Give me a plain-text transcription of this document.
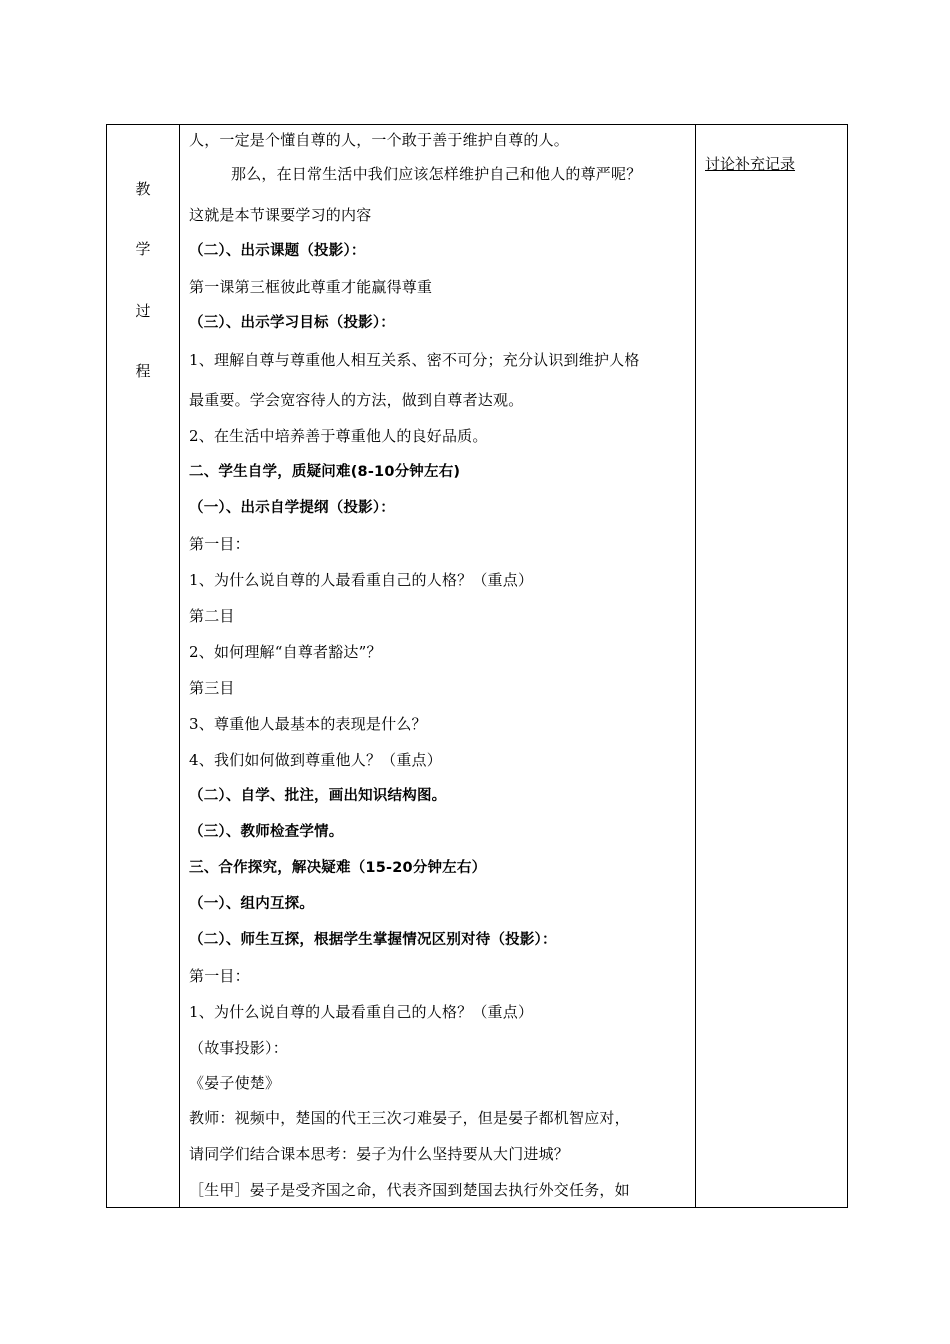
教
学
过
程
人，一定是个懂自尊的人，一个敢于善于维护自尊的人。
那么，在日常生活中我们应该怎样维护自己和他人的尊严呢？
这就是本节课要学习的内容
（二）、出示课题（投影）：
第一课第三框彼此尊重才能赢得尊重
（三）、出示学习目标（投影）：
1、理解自尊与尊重他人相互关系、密不可分；充分认识到维护人格
最重要。学会宽容待人的方法，做到自尊者达观。
2、在生活中培养善于尊重他人的良好品质。
二、学生自学，质疑问难(8-10分钟左右)
（一）、出示自学提纲（投影）：
第一目：
1、为什么说自尊的人最看重自己的人格？（重点）
第二目
2、如何理解“自尊者豁达”？
第三目
3、尊重他人最基本的表现是什么？
4、我们如何做到尊重他人？（重点）
（二）、自学、批注，画出知识结构图。
（三）、教师检查学情。
三、合作探究，解决疑难（15-20分钟左右）
（一）、组内互探。
（二）、师生互探，根据学生掌握情况区别对待（投影）：
第一目：
1、为什么说自尊的人最看重自己的人格？（重点）
（故事投影）：
《晏子使楚》
教师：视频中，楚国的代王三次刁难晏子，但是晏子都机智应对，
请同学们结合课本思考：晏子为什么坚持要从大门进城？
［生甲］晏子是受齐国之命，代表齐国到楚国去执行外交任务，如
讨论补充记录
